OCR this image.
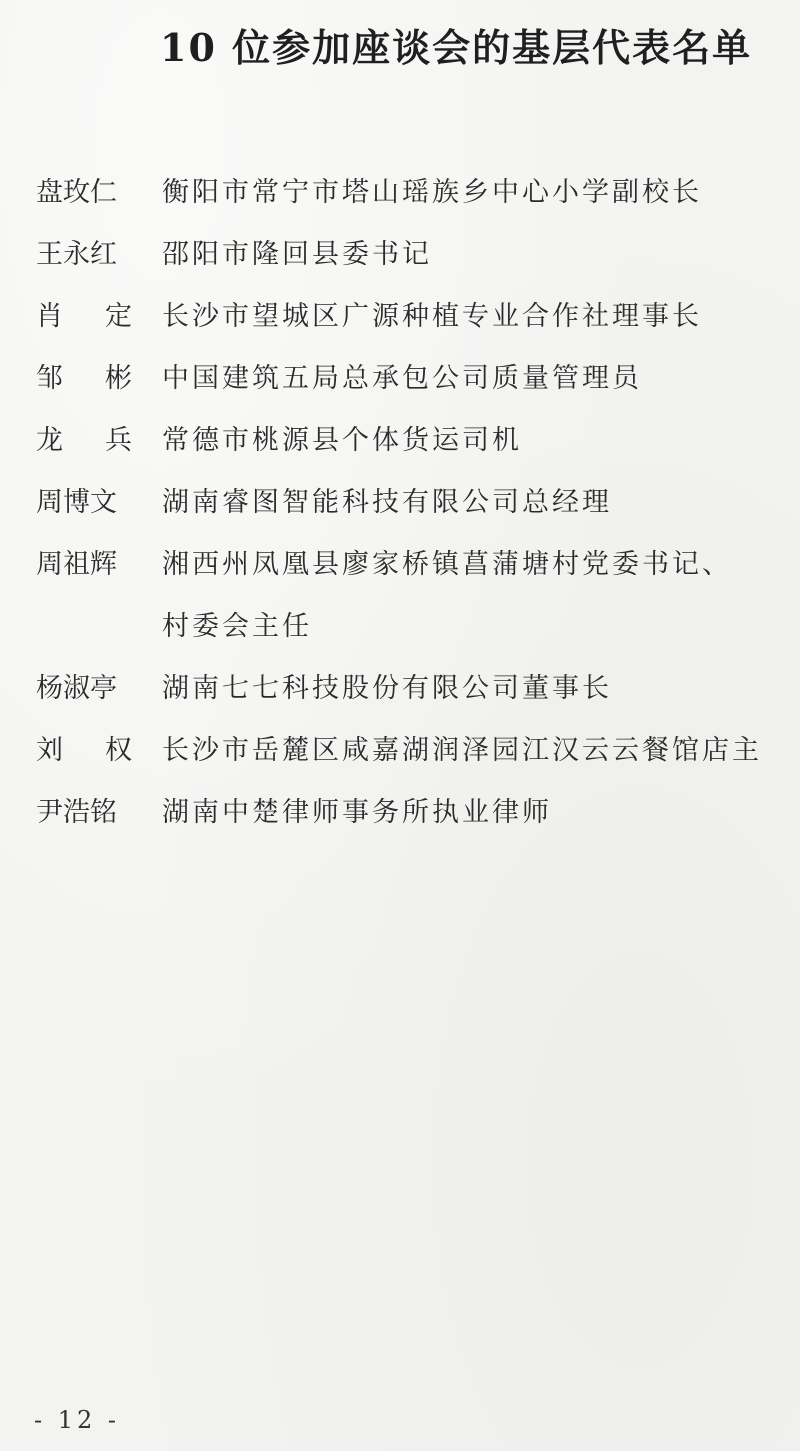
10 位参加座谈会的基层代表名单
盘玫仁	衡阳市常宁市塔山瑶族乡中心小学副校长
王永红	邵阳市隆回县委书记
肖 定 长沙市望城区广源种植专业合作社理事长
邹 彬 中国建筑五局总承包公司质量管理员
龙 兵 常德市桃源县个体货运司机
周博文	湖南睿图智能科技有限公司总经理
周祖辉	湘西州凤凰县廖家桥镇菖蒲塘村党委书记、
村委会主任
杨淑亭	湖南七七科技股份有限公司董事长
刘 权 长沙市岳麓区咸嘉湖润泽园江汉云云餐馆店主
尹浩铭	湖南中楚律师事务所执业律师
- 12 -
